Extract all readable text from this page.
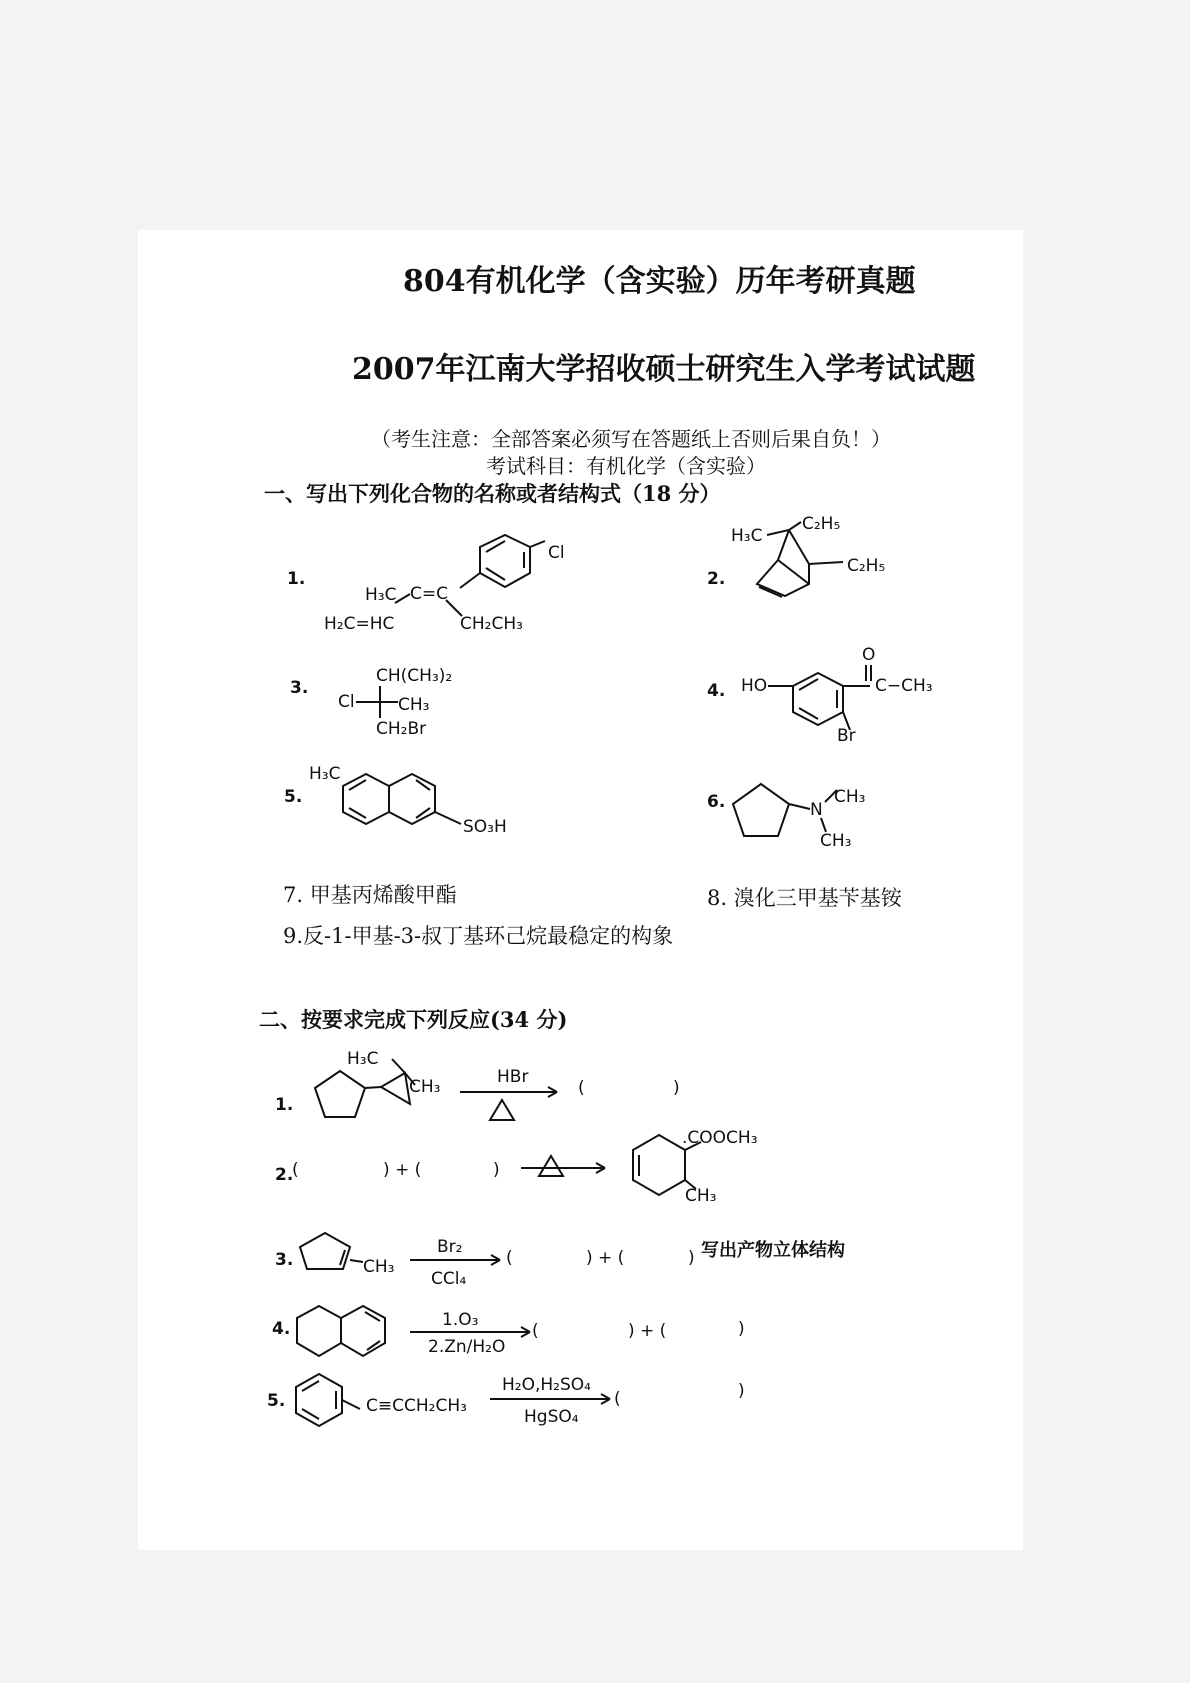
804有机化学（含实验）历年考研真题
2007年江南大学招收硕士研究生入学考试试题
（考生注意：全部答案必须写在答题纸上否则后果自负！）
考试科目：有机化学（含实验）
一、写出下列化合物的名称或者结构式（18 分）
1.	2.
3.	4.
5.	6.
7. 甲基丙烯酸甲酯	8. 溴化三甲基苄基铵
9.反-1-甲基-3-叔丁基环己烷最稳定的构象
二、按要求完成下列反应(34 分)
1.
2.
3.
4.
5.
写出产物立体结构
Cl
C=C
H₃C
H₂C=HC	CH₂CH₃
H₃C
C₂H₅
C₂H₅
CH(CH₃)₂
Cl	CH₃
CH₂Br
HO
O
C−CH₃
Br
H₃C
SO₃H
N
CH₃
CH₃
H₃C
CH₃	HBr
(	)
(	) + (	)
.COOCH₃
CH₃
CH₃
Br₂
CCl₄
(	) + (	)
1.O₃
2.Zn/H₂O
(	) + (	)
C≡CCH₂CH₃
H₂O,H₂SO₄
HgSO₄
(	)
